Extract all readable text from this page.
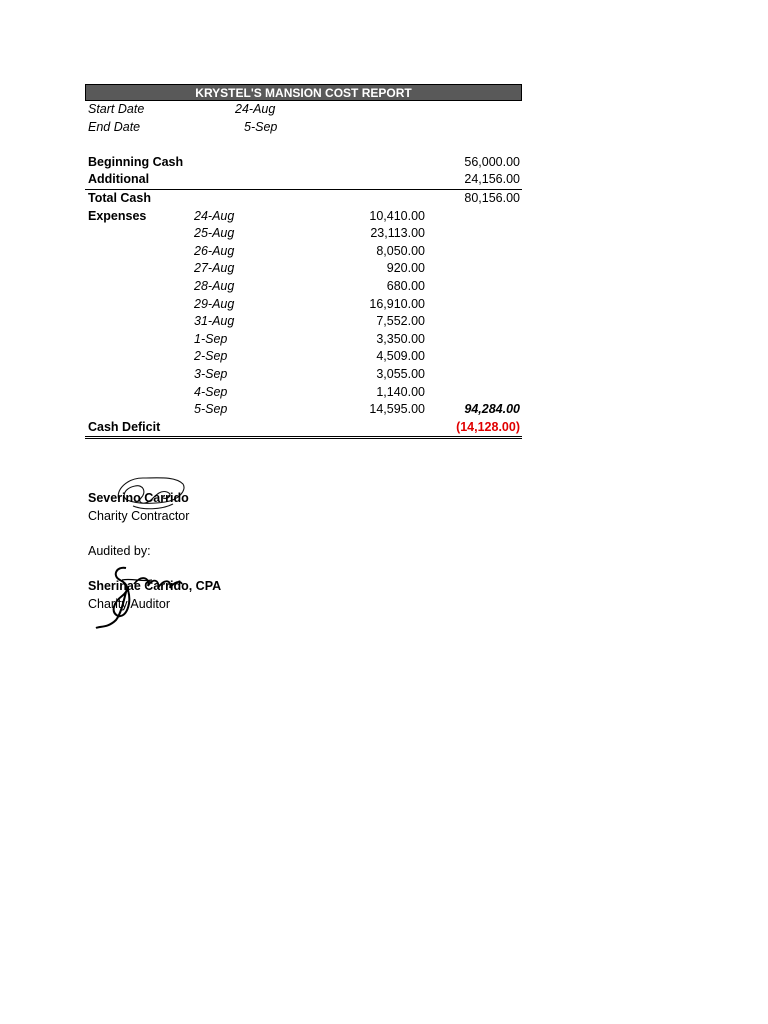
KRYSTEL'S MANSION COST REPORT
Start Date	24-Aug
End Date	5-Sep
Beginning Cash	56,000.00
Additional	24,156.00
Total Cash	80,156.00
Expenses	24-Aug	10,410.00
25-Aug	23,113.00
26-Aug	8,050.00
27-Aug	920.00
28-Aug	680.00
29-Aug	16,910.00
31-Aug	7,552.00
1-Sep	3,350.00
2-Sep	4,509.00
3-Sep	3,055.00
4-Sep	1,140.00
5-Sep	14,595.00	94,284.00
Cash Deficit	(14,128.00)
Severino Carrido
Charity Contractor
Audited by:
Sherinae Carrido, CPA
Charity Auditor
